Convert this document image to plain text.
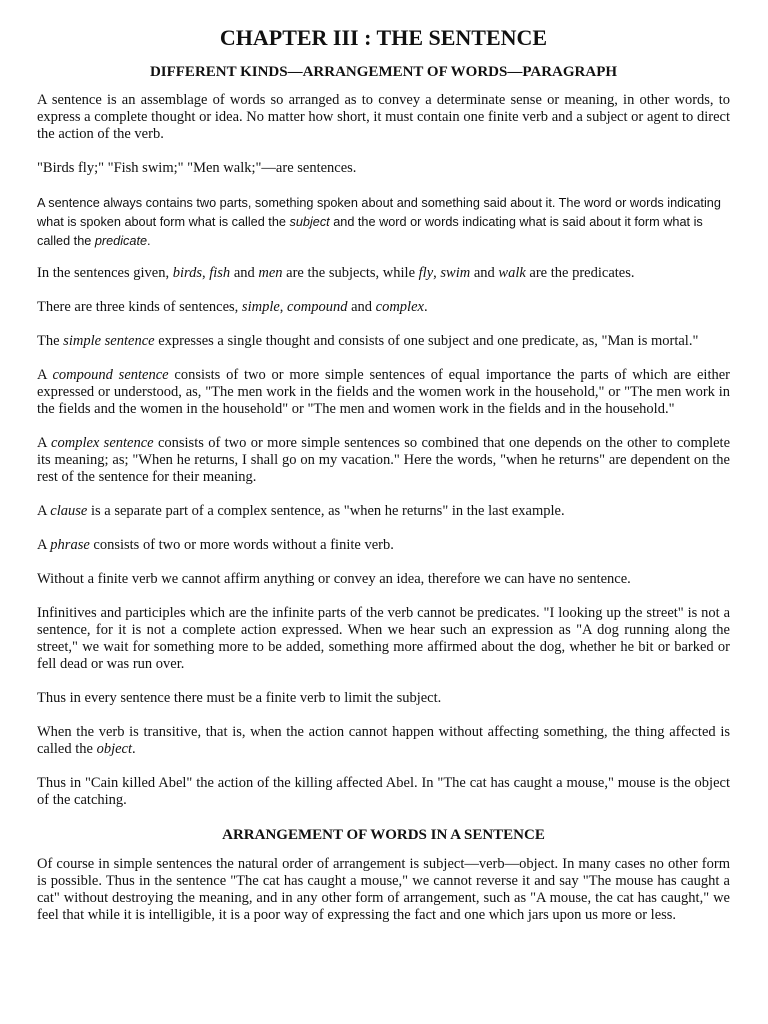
CHAPTER III : THE SENTENCE
DIFFERENT KINDS—ARRANGEMENT OF WORDS—PARAGRAPH

A sentence is an assemblage of words so arranged as to convey a determinate sense or meaning, in other words, to express a complete thought or idea. No matter how short, it must contain one finite verb and a subject or agent to direct the action of the verb.

"Birds fly;" "Fish swim;" "Men walk;"—are sentences.

A sentence always contains two parts, something spoken about and something said about it. The word or words indicating what is spoken about form what is called the subject and the word or words indicating what is said about it form what is called the predicate.

In the sentences given, birds, fish and men are the subjects, while fly, swim and walk are the predicates.

There are three kinds of sentences, simple, compound and complex.

The simple sentence expresses a single thought and consists of one subject and one predicate, as, "Man is mortal."

A compound sentence consists of two or more simple sentences of equal importance the parts of which are either expressed or understood, as, "The men work in the fields and the women work in the household," or "The men work in the fields and the women in the household" or "The men and women work in the fields and in the household."

A complex sentence consists of two or more simple sentences so combined that one depends on the other to complete its meaning; as; "When he returns, I shall go on my vacation." Here the words, "when he returns" are dependent on the rest of the sentence for their meaning.

A clause is a separate part of a complex sentence, as "when he returns" in the last example.

A phrase consists of two or more words without a finite verb.

Without a finite verb we cannot affirm anything or convey an idea, therefore we can have no sentence.

Infinitives and participles which are the infinite parts of the verb cannot be predicates. "I looking up the street" is not a sentence, for it is not a complete action expressed. When we hear such an expression as "A dog running along the street," we wait for something more to be added, something more affirmed about the dog, whether he bit or barked or fell dead or was run over.

Thus in every sentence there must be a finite verb to limit the subject.

When the verb is transitive, that is, when the action cannot happen without affecting something, the thing affected is called the object.

Thus in "Cain killed Abel" the action of the killing affected Abel. In "The cat has caught a mouse," mouse is the object of the catching.

ARRANGEMENT OF WORDS IN A SENTENCE

Of course in simple sentences the natural order of arrangement is subject—verb—object. In many cases no other form is possible. Thus in the sentence "The cat has caught a mouse," we cannot reverse it and say "The mouse has caught a cat" without destroying the meaning, and in any other form of arrangement, such as "A mouse, the cat has caught," we feel that while it is intelligible, it is a poor way of expressing the fact and one which jars upon us more or less.
